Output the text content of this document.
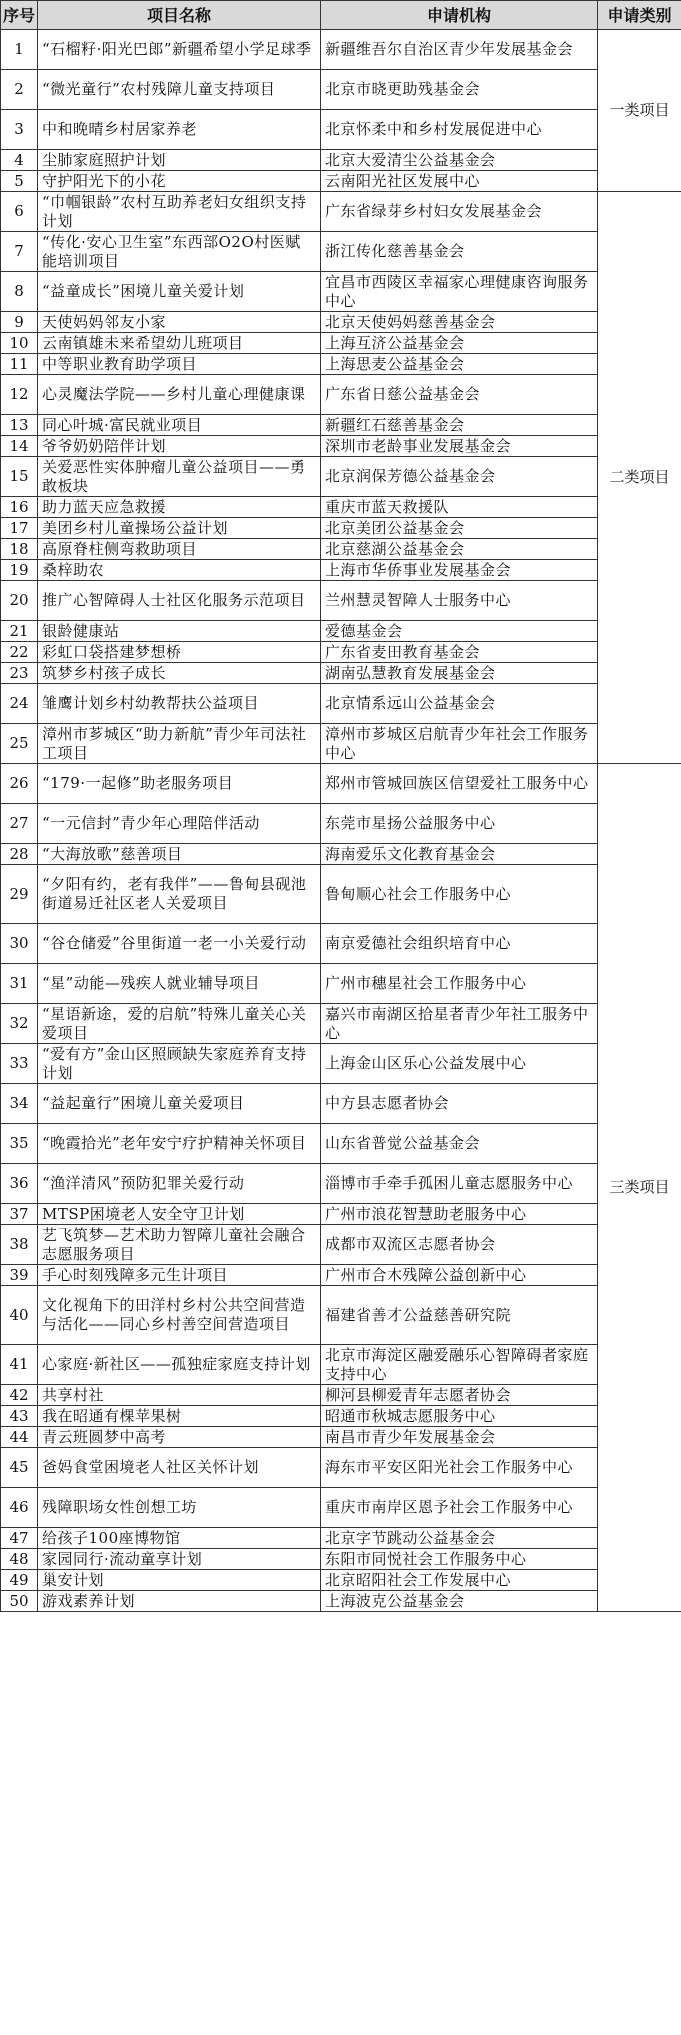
序号	项目名称	申请机构	申请类别
1	“石榴籽·阳光巴郎”新疆希望小学足球季	新疆维吾尔自治区青少年发展基金会	一类项目
2	“微光童行”农村残障儿童支持项目	北京市晓更助残基金会	
3	中和晚晴乡村居家养老	北京怀柔中和乡村发展促进中心	
4	尘肺家庭照护计划	北京大爱清尘公益基金会	
5	守护阳光下的小花	云南阳光社区发展中心	
6	“巾帼银龄”农村互助养老妇女组织支持计划	广东省绿芽乡村妇女发展基金会	二类项目
7	“传化·安心卫生室”东西部O2O村医赋能培训项目	浙江传化慈善基金会	
8	“益童成长”困境儿童关爱计划	宜昌市西陵区幸福家心理健康咨询服务中心	
9	天使妈妈邻友小家	北京天使妈妈慈善基金会	
10	云南镇雄未来希望幼儿班项目	上海互济公益基金会	
11	中等职业教育助学项目	上海思麦公益基金会	
12	心灵魔法学院——乡村儿童心理健康课	广东省日慈公益基金会	
13	同心叶城·富民就业项目	新疆红石慈善基金会	
14	爷爷奶奶陪伴计划	深圳市老龄事业发展基金会	
15	关爱恶性实体肿瘤儿童公益项目——勇敢板块	北京润保芳德公益基金会	
16	助力蓝天应急救援	重庆市蓝天救援队	
17	美团乡村儿童操场公益计划	北京美团公益基金会	
18	高原脊柱侧弯救助项目	北京慈湖公益基金会	
19	桑梓助农	上海市华侨事业发展基金会	
20	推广心智障碍人士社区化服务示范项目	兰州慧灵智障人士服务中心	
21	银龄健康站	爱德基金会	
22	彩虹口袋搭建梦想桥	广东省麦田教育基金会	
23	筑梦乡村孩子成长	湖南弘慧教育发展基金会	
24	雏鹰计划乡村幼教帮扶公益项目	北京情系远山公益基金会	
25	漳州市芗城区“助力新航”青少年司法社工项目	漳州市芗城区启航青少年社会工作服务中心	
26	“179·一起修”助老服务项目	郑州市管城回族区信望爱社工服务中心	三类项目
27	“一元信封”青少年心理陪伴活动	东莞市星扬公益服务中心	
28	“大海放歌”慈善项目	海南爱乐文化教育基金会	
29	“夕阳有约，老有我伴”——鲁甸县砚池街道易迁社区老人关爱项目	鲁甸顺心社会工作服务中心	
30	“谷仓储爱”谷里街道一老一小关爱行动	南京爱德社会组织培育中心	
31	“星”动能—残疾人就业辅导项目	广州市穗星社会工作服务中心	
32	“星语新途，爱的启航”特殊儿童关心关爱项目	嘉兴市南湖区拾星者青少年社工服务中心	
33	“爱有方”金山区照顾缺失家庭养育支持计划	上海金山区乐心公益发展中心	
34	“益起童行”困境儿童关爱项目	中方县志愿者协会	
35	“晚霞拾光”老年安宁疗护精神关怀项目	山东省普觉公益基金会	
36	“渔洋清风”预防犯罪关爱行动	淄博市手牵手孤困儿童志愿服务中心	
37	MTSP困境老人安全守卫计划	广州市浪花智慧助老服务中心	
38	艺飞筑梦—艺术助力智障儿童社会融合志愿服务项目	成都市双流区志愿者协会	
39	手心时刻残障多元生计项目	广州市合木残障公益创新中心	
40	文化视角下的田洋村乡村公共空间营造与活化——同心乡村善空间营造项目	福建省善才公益慈善研究院	
41	心家庭·新社区——孤独症家庭支持计划	北京市海淀区融爱融乐心智障碍者家庭支持中心	
42	共享村社	柳河县柳爱青年志愿者协会	
43	我在昭通有棵苹果树	昭通市秋城志愿服务中心	
44	青云班圆梦中高考	南昌市青少年发展基金会	
45	爸妈食堂困境老人社区关怀计划	海东市平安区阳光社会工作服务中心	
46	残障职场女性创想工坊	重庆市南岸区恩予社会工作服务中心	
47	给孩子100座博物馆	北京字节跳动公益基金会	
48	家园同行·流动童享计划	东阳市同悦社会工作服务中心	
49	巢安计划	北京昭阳社会工作发展中心	
50	游戏素养计划	上海波克公益基金会	
